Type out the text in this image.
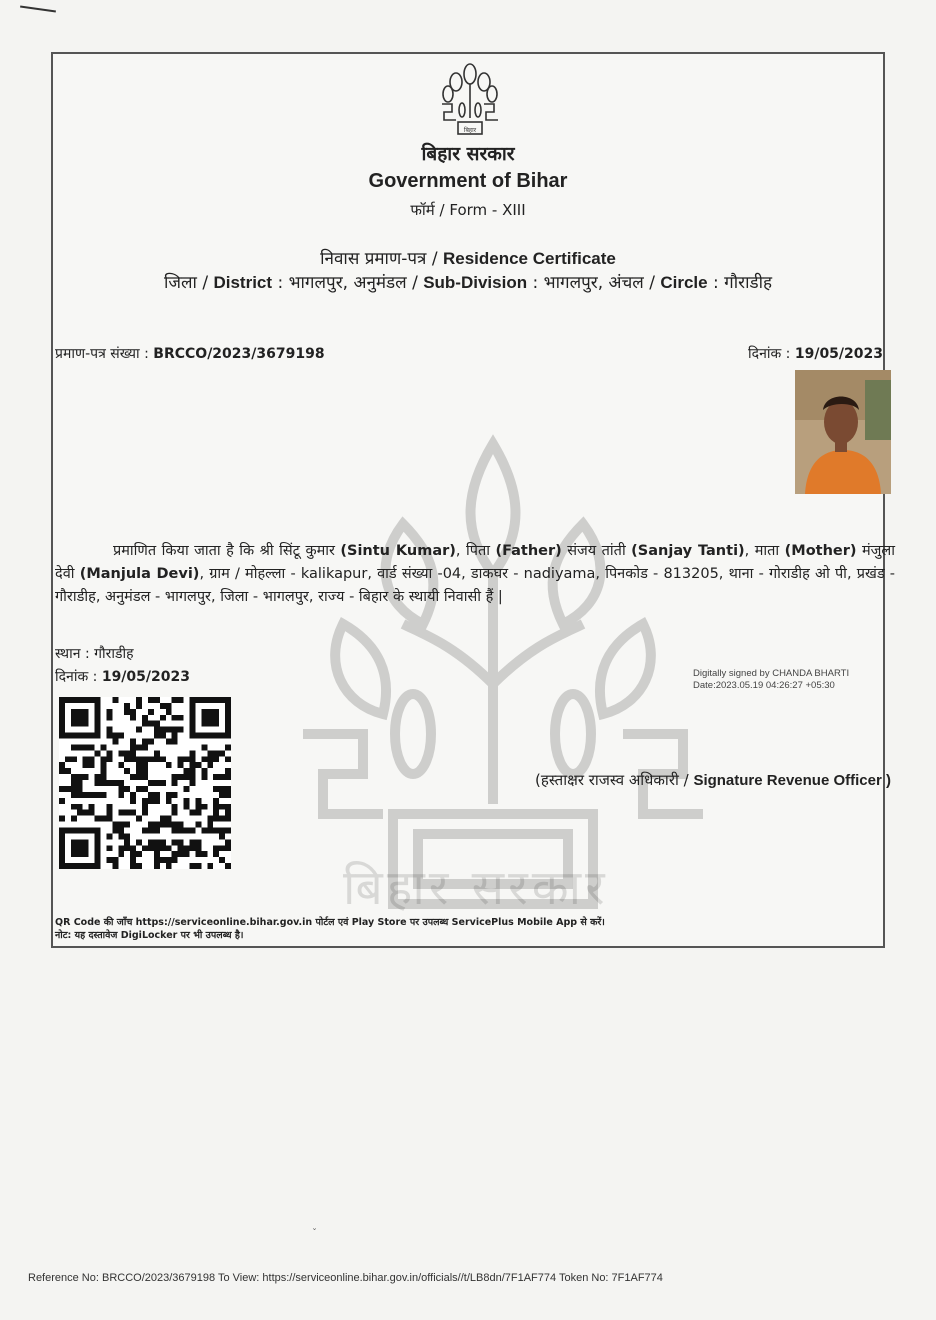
बिहार सरकार
बिहार
बिहार सरकार
Government of Bihar
फॉर्म / Form - XIII
निवास प्रमाण-पत्र / Residence Certificate
जिला / District : भागलपुर, अनुमंडल / Sub-Division : भागलपुर, अंचल / Circle : गौराडीह
प्रमाण-पत्र संख्या : BRCCO/2023/3679198	दिनांक : 19/05/2023
प्रमाणित किया जाता है कि श्री सिंटू कुमार (Sintu Kumar), पिता (Father) संजय तांती (Sanjay Tanti), माता (Mother) मंजुला देवी (Manjula Devi), ग्राम / मोहल्ला - kalikapur, वार्ड संख्या -04, डाकघर - nadiyama, पिनकोड - 813205, थाना - गोराडीह ओ पी, प्रखंड - गौराडीह, अनुमंडल - भागलपुर, जिला - भागलपुर, राज्य - बिहार के स्थायी निवासी हैं |
स्थान : गौराडीह
दिनांक : 19/05/2023	Digitally signed by CHANDA BHARTI
Date:2023.05.19 04:26:27 +05:30
(हस्ताक्षर राजस्व अधिकारी / Signature Revenue Officer )
QR Code की जाँच https://serviceonline.bihar.gov.in पोर्टल एवं Play Store पर उपलब्ध ServicePlus Mobile App से करें।
नोट: यह दस्तावेज DigiLocker पर भी उपलब्ध है।
ˇ
Reference No: BRCCO/2023/3679198 To View: https://serviceonline.bihar.gov.in/officials//t/LB8dn/7F1AF774 Token No: 7F1AF774
